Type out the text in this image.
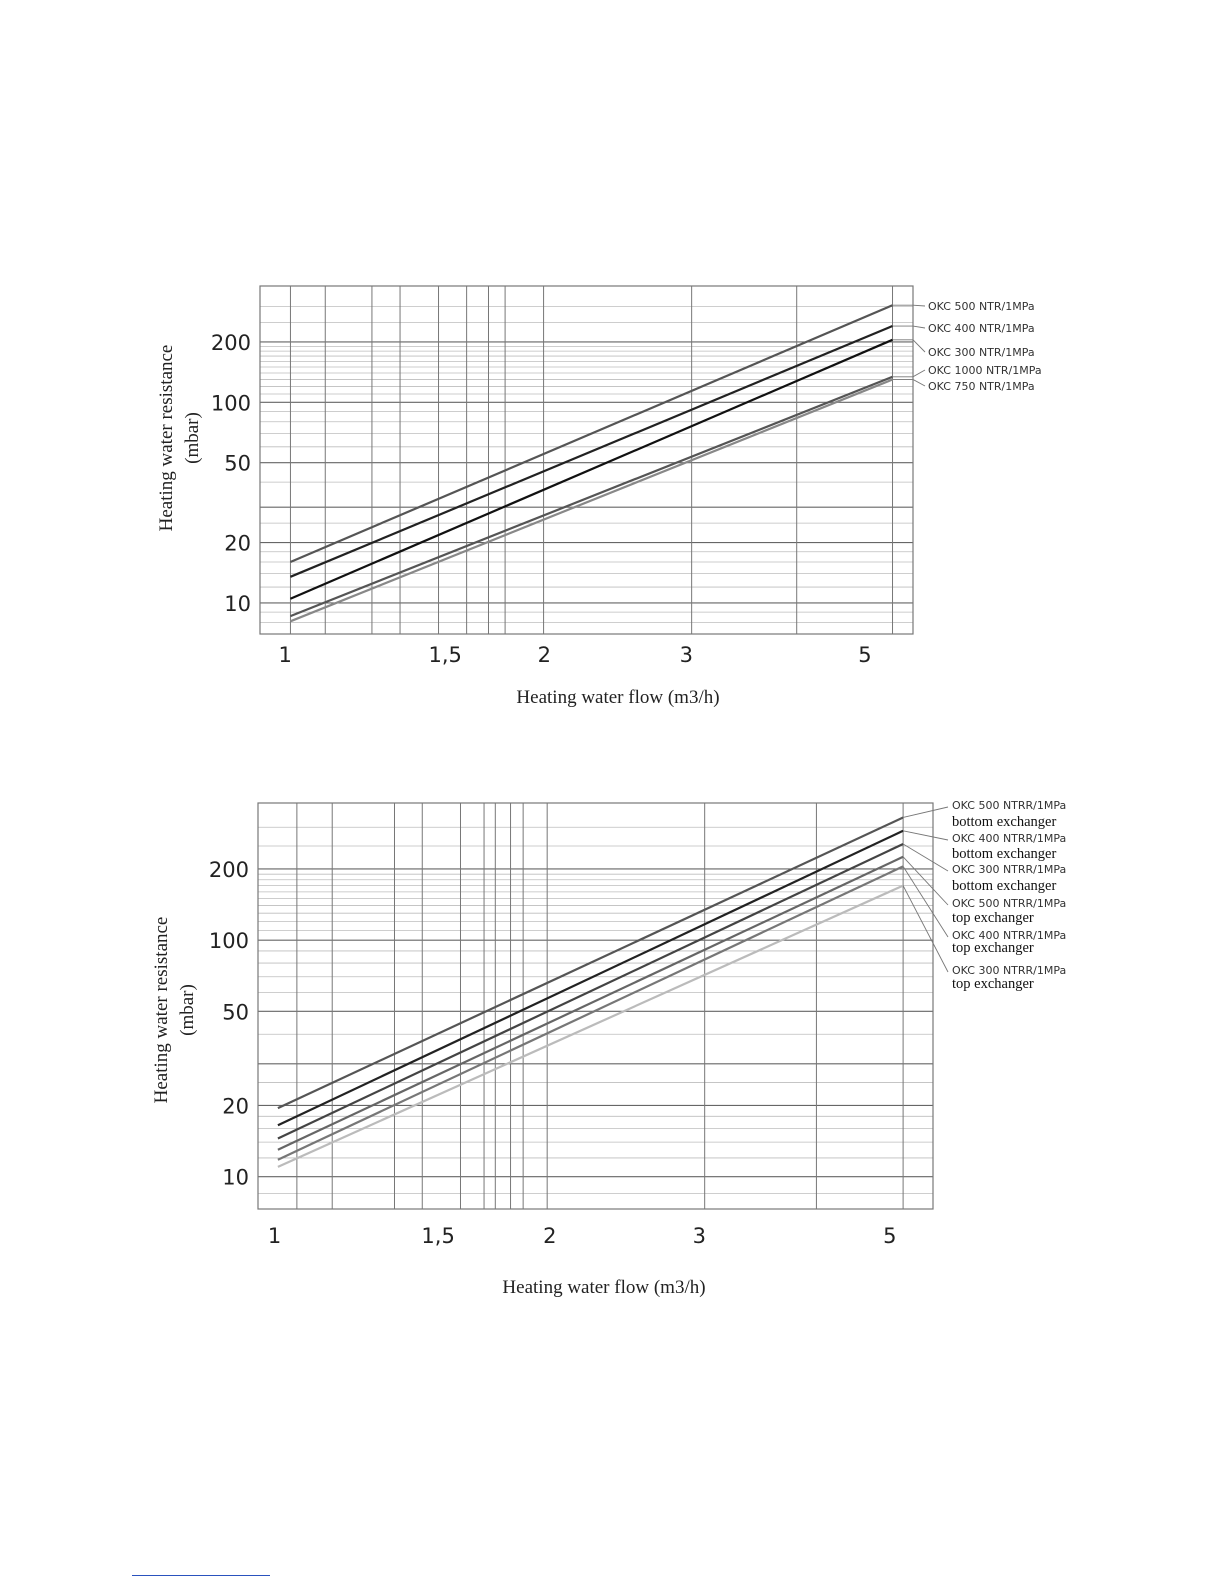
10
20
50
100
200
1	1,5	2	3	5
Heating water resistance (mbar)
Heating water flow (m3/h)
OKC 500 NTR/1MPa
OKC 400 NTR/1MPa
OKC 300 NTR/1MPa
OKC 1000 NTR/1MPa
OKC 750 NTR/1MPa
10
20
50
100
200
1	1,5	2	3	5
Heating water resistance (mbar)
Heating water flow (m3/h)
OKC 500 NTRR/1MPa
bottom exchanger
OKC 400 NTRR/1MPa
bottom exchanger
OKC 300 NTRR/1MPa
bottom exchanger
OKC 500 NTRR/1MPa
top exchanger
OKC 400 NTRR/1MPa
top exchanger
OKC 300 NTRR/1MPa
top exchanger
